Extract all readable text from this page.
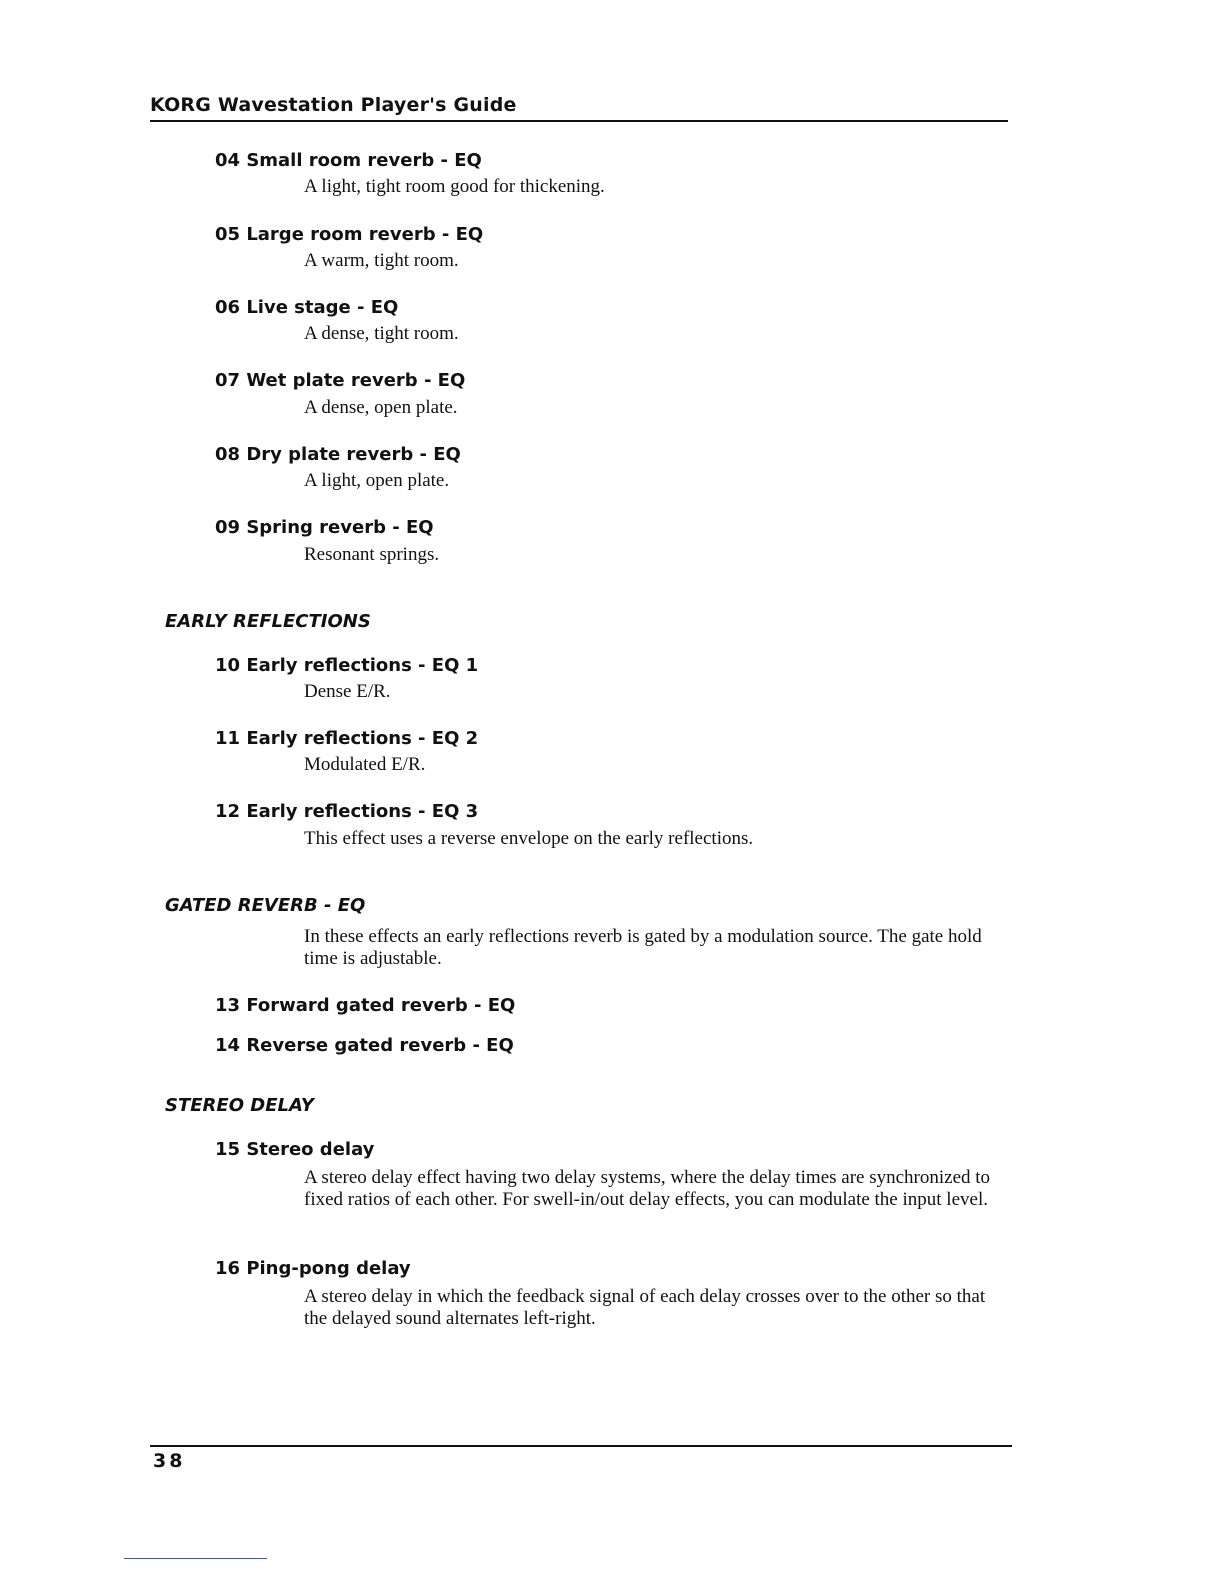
KORG Wavestation Player's Guide
04 Small room reverb - EQ
A light, tight room good for thickening.
05 Large room reverb - EQ
A warm, tight room.
06 Live stage - EQ
A dense, tight room.
07 Wet plate reverb - EQ
A dense, open plate.
08 Dry plate reverb - EQ
A light, open plate.
09 Spring reverb - EQ
Resonant springs.
EARLY REFLECTIONS
10 Early reflections - EQ 1
Dense E/R.
11 Early reflections - EQ 2
Modulated E/R.
12 Early reflections - EQ 3
This effect uses a reverse envelope on the early reflections.
GATED REVERB - EQ
In these effects an early reflections reverb is gated by a modulation source. The gate hold time is adjustable.
13 Forward gated reverb - EQ
14 Reverse gated reverb - EQ
STEREO DELAY
15 Stereo delay
A stereo delay effect having two delay systems, where the delay times are synchronized to fixed ratios of each other. For swell-in/out delay effects, you can modulate the input level.
16 Ping-pong delay
A stereo delay in which the feedback signal of each delay crosses over to the other so that the delayed sound alternates left-right.
38
